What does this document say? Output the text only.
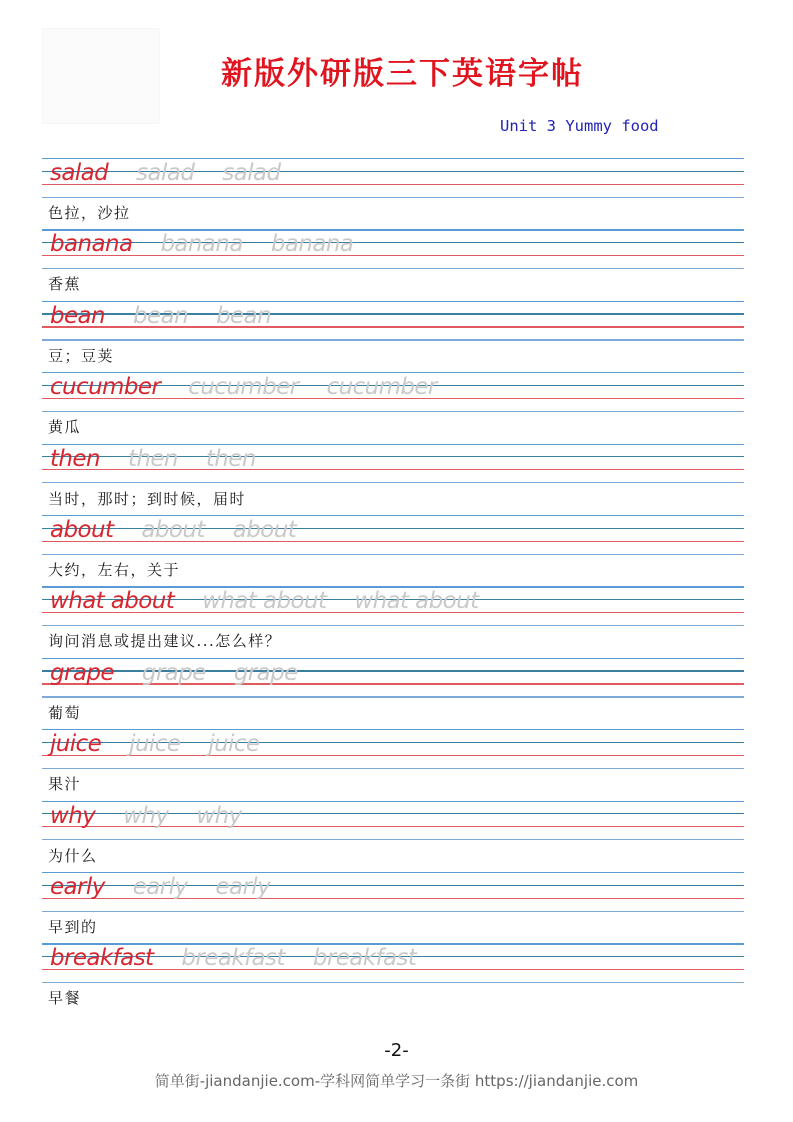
新版外研版三下英语字帖
Unit 3 Yummy food
salad salad salad
色拉，沙拉
banana banana banana
香蕉
bean bean bean
豆；豆荚
cucumber cucumber cucumber
黄瓜
then then then
当时，那时；到时候，届时
about about about
大约，左右，关于
what about what about what about
询问消息或提出建议...怎么样？
grape grape grape
葡萄
juice juice juice
果汁
why why why
为什么
early early early
早到的
breakfast breakfast breakfast
早餐
-2-
简单街-jiandanjie.com-学科网简单学习一条街 https://jiandanjie.com
